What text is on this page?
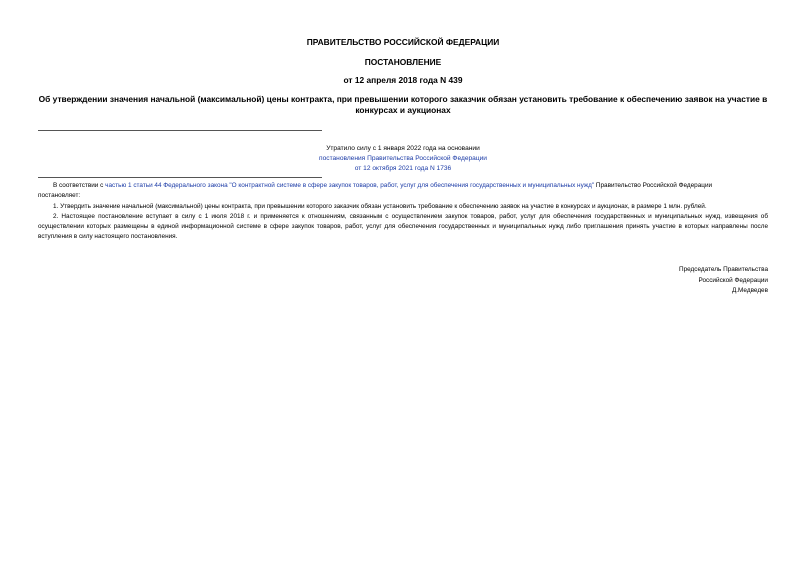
ПРАВИТЕЛЬСТВО РОССИЙСКОЙ ФЕДЕРАЦИИ
ПОСТАНОВЛЕНИЕ
от 12 апреля 2018 года N 439
Об утверждении значения начальной (максимальной) цены контракта, при превышении которого заказчик обязан установить требование к обеспечению заявок на участие в конкурсах и аукционах
Утратило силу с 1 января 2022 года на основании
постановления Правительства Российской Федерации
от 12 октября 2021 года N 1736

В соответствии с частью 1 статьи 44 Федерального закона "О контрактной системе в сфере закупок товаров, работ, услуг для обеспечения государственных и муниципальных нужд" Правительство Российской Федерации

постановляет:

1. Утвердить значение начальной (максимальной) цены контракта, при превышении которого заказчик обязан установить требование к обеспечению заявок на участие в конкурсах и аукционах, в размере 1 млн. рублей.

2. Настоящее постановление вступает в силу с 1 июля 2018 г. и применяется к отношениям, связанным с осуществлением закупок товаров, работ, услуг для обеспечения государственных и муниципальных нужд, извещения об осуществлении которых размещены в единой информационной системе в сфере закупок товаров, работ, услуг для обеспечения государственных и муниципальных нужд либо приглашения принять участие в которых направлены после вступления в силу настоящего постановления.

Председатель Правительства
Российской Федерации
Д.Медведев
